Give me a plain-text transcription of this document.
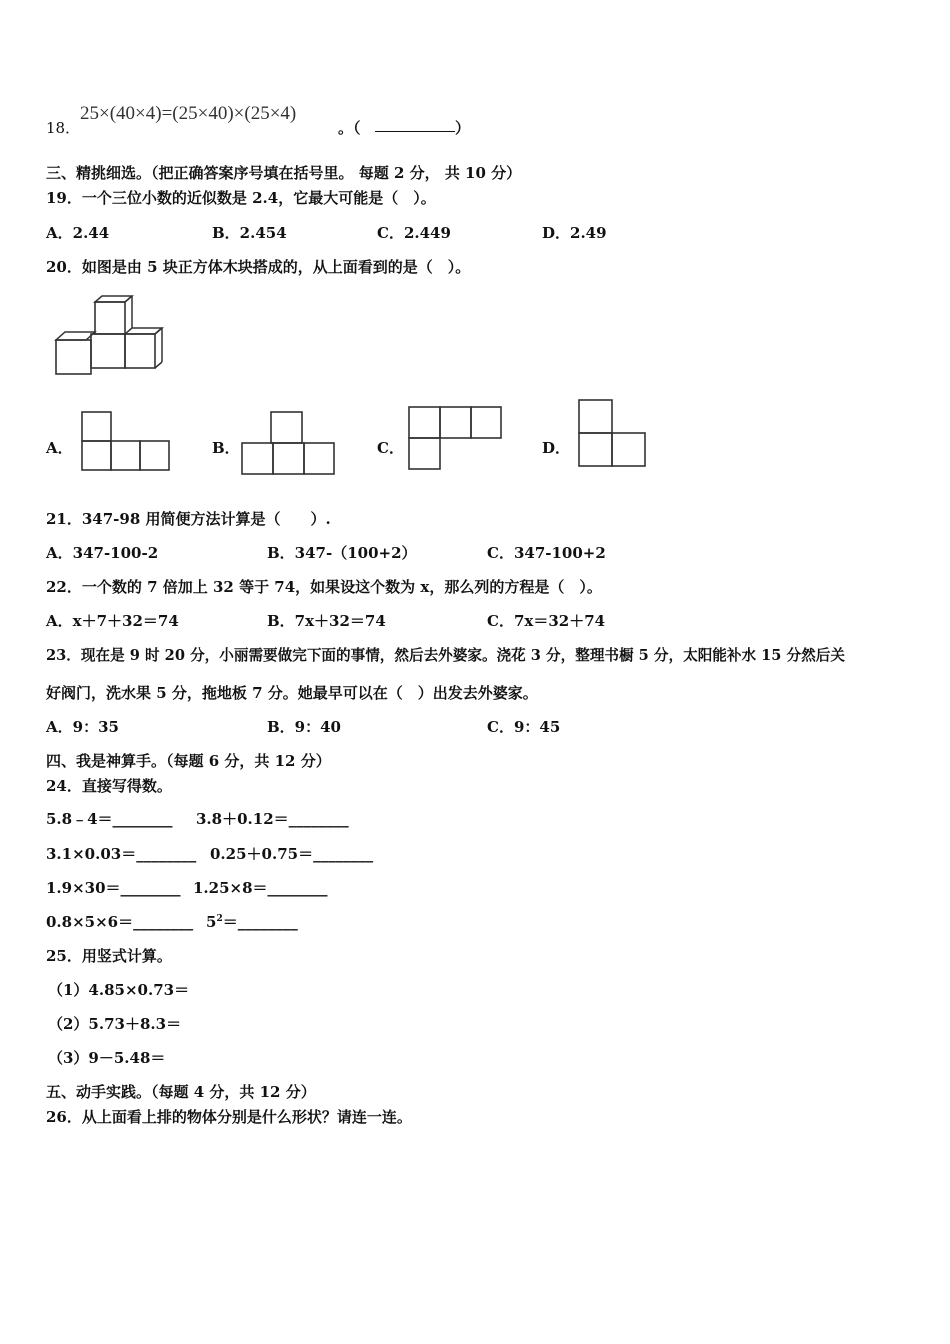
18．
25×(40×4)=(25×40)×(25×4)
。（	）
三、精挑细选。（把正确答案序号填在括号里。 每题 2 分， 共 10 分）
19．一个三位小数的近似数是 2.4，它最大可能是（　）。
A．2.44	B．2.454	C．2.449	D．2.49
20．如图是由 5 块正方体木块搭成的，从上面看到的是（　）。
A．	B．	C．	D．
21．347-98 用简便方法计算是（　　）.
A．347-100-2	B．347-（100+2）	C．347-100+2
22．一个数的 7 倍加上 32 等于 74，如果设这个数为 x，那么列的方程是（　）。
A．x＋7＋32＝74	B．7x＋32＝74	C．7x＝32＋74
23．现在是 9 时 20 分，小丽需要做完下面的事情，然后去外婆家。浇花 3 分，整理书橱 5 分，太阳能补水 15 分然后关
好阀门，洗水果 5 分，拖地板 7 分。她最早可以在（　）出发去外婆家。
A．9：35	B．9：40	C．9：45
四、我是神算手。（每题 6 分，共 12 分）
24．直接写得数。
5.8﹣4＝________ 3.8＋0.12＝________
3.1×0.03＝________ 0.25＋0.75＝________
1.9×30＝________ 1.25×8＝________
0.8×5×6＝________ $5^2=\_\_\_\_\_\_\_\_$
25．用竖式计算。
（1）4.85×0.73＝
（2）5.73＋8.3＝
（3）9－5.48＝
五、动手实践。（每题 4 分，共 12 分）
26．从上面看上排的物体分别是什么形状？请连一连。
